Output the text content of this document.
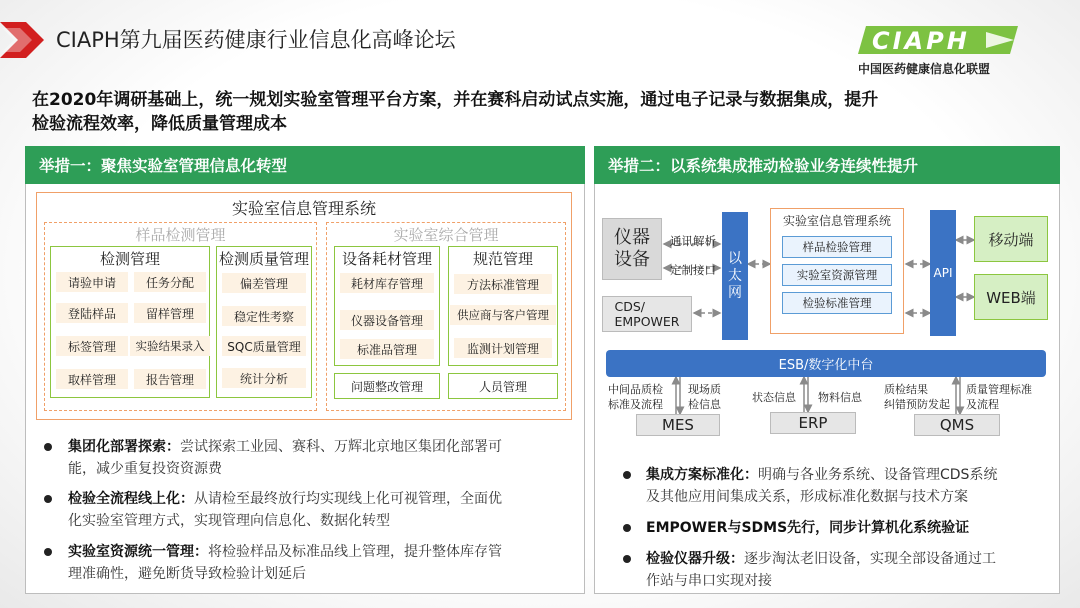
CIAPH第九届医药健康行业信息化高峰论坛	CIAPH
中国医药健康信息化联盟
在2020年调研基础上，统一规划实验室管理平台方案，并在赛科启动试点实施，通过电子记录与数据集成，提升
检验流程效率，降低质量管理成本
举措一：聚焦实验室管理信息化转型
实验室信息管理系统
样品检测管理	实验室综合管理
检测管理
请验申请	任务分配
登陆样品	留样管理
标签管理	实验结果录入
取样管理	报告管理
检测质量管理
偏差管理
稳定性考察
SQC质量管理
统计分析
设备耗材管理
耗材库存管理
仪器设备管理
标准品管理
规范管理
方法标准管理
供应商与客户管理
监测计划管理
问题整改管理	人员管理
集团化部署探索：尝试探索工业园、赛科、万辉北京地区集团化部署可
能，减少重复投资资源费
检验全流程线上化：从请检至最终放行均实现线上化可视管理，全面优
化实验室管理方式，实现管理向信息化、数据化转型
实验室资源统一管理：将检验样品及标准品线上管理，提升整体库存管
理准确性，避免断货导致检验计划延后
举措二：以系统集成推动检验业务连续性提升
仪器
设备
CDS/
EMPOWER
通讯解析
定制接口
以
太
网
实验室信息管理系统
样品检验管理
实验室资源管理
检验标准管理
API
移动端
WEB端
ESB/数字化中台
中间品质检
标准及流程
现场质
检信息
状态信息 物料信息
质检结果
纠错预防发起
质量管理标准
及流程
MES	ERP	QMS
集成方案标准化：明确与各业务系统、设备管理CDS系统
及其他应用间集成关系，形成标准化数据与技术方案
EMPOWER与SDMS先行，同步计算机化系统验证
检验仪器升级：逐步淘汰老旧设备，实现全部设备通过工
作站与串口实现对接
